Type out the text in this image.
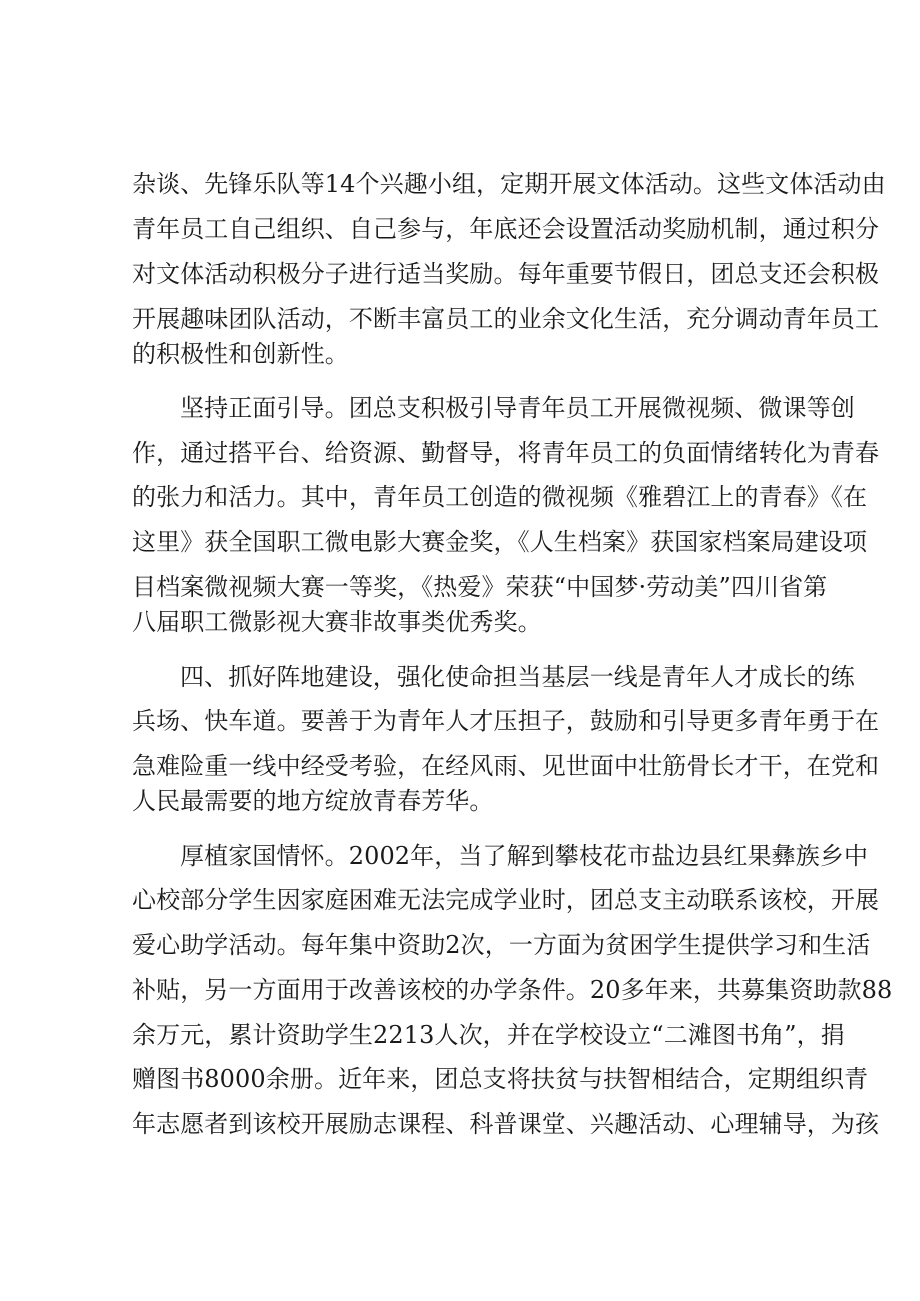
杂谈、先锋乐队等14个兴趣小组，定期开展文体活动。这些文体活动由
青年员工自己组织、自己参与，年底还会设置活动奖励机制，通过积分
对文体活动积极分子进行适当奖励。每年重要节假日，团总支还会积极
开展趣味团队活动，不断丰富员工的业余文化生活，充分调动青年员工
的积极性和创新性。
坚持正面引导。团总支积极引导青年员工开展微视频、微课等创
作，通过搭平台、给资源、勤督导，将青年员工的负面情绪转化为青春
的张力和活力。其中，青年员工创造的微视频《雅碧江上的青春》《在
这里》获全国职工微电影大赛金奖，《人生档案》获国家档案局建设项
目档案微视频大赛一等奖，《热爱》荣获“中国梦·劳动美”四川省第
八届职工微影视大赛非故事类优秀奖。
四、抓好阵地建设，强化使命担当基层一线是青年人才成长的练
兵场、快车道。要善于为青年人才压担子，鼓励和引导更多青年勇于在
急难险重一线中经受考验，在经风雨、见世面中壮筋骨长才干，在党和
人民最需要的地方绽放青春芳华。
厚植家国情怀。2002年，当了解到攀枝花市盐边县红果彝族乡中
心校部分学生因家庭困难无法完成学业时，团总支主动联系该校，开展
爱心助学活动。每年集中资助2次，一方面为贫困学生提供学习和生活
补贴，另一方面用于改善该校的办学条件。20多年来，共募集资助款88
余万元，累计资助学生2213人次，并在学校设立“二滩图书角”，捐
赠图书8000余册。近年来，团总支将扶贫与扶智相结合，定期组织青
年志愿者到该校开展励志课程、科普课堂、兴趣活动、心理辅导，为孩
